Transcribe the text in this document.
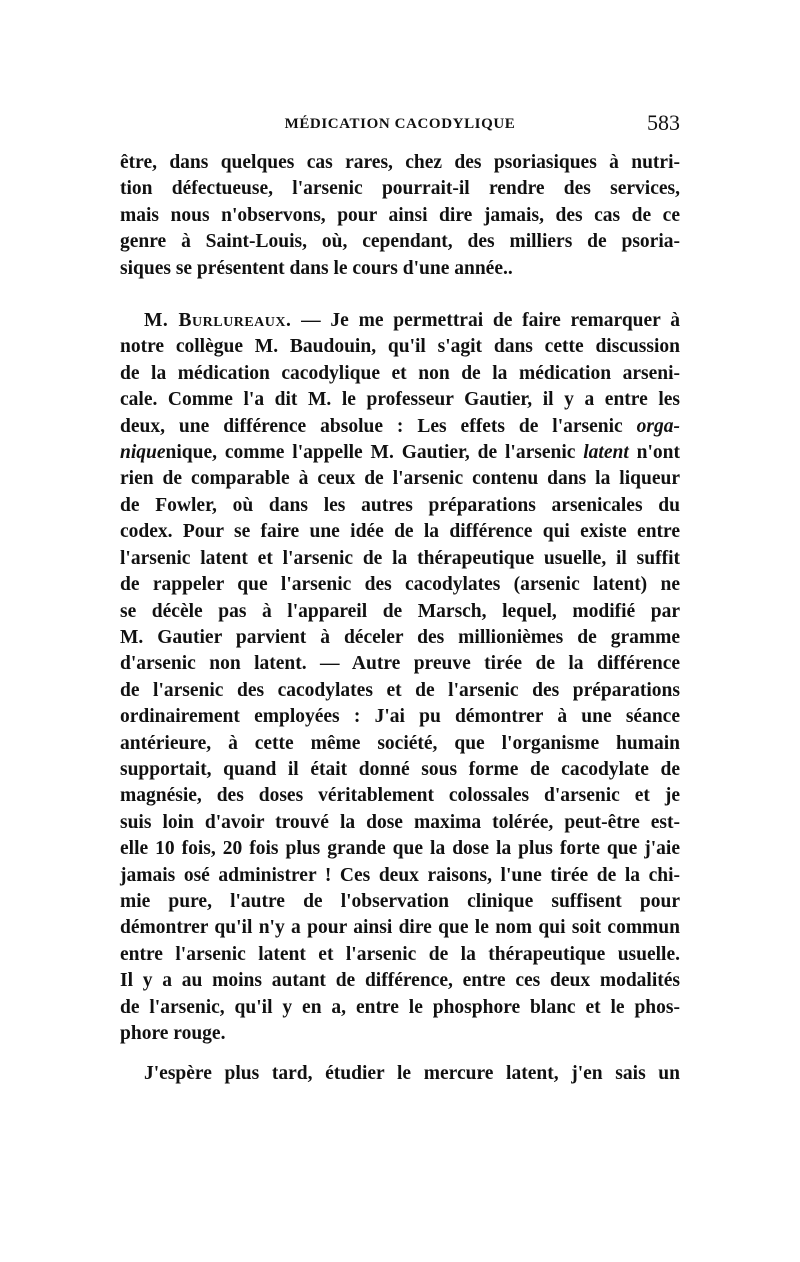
MÉDICATION CACODYLIQUE	583

être, dans quelques cas rares, chez des psoriasiques à nutri-
tion défectueuse, l'arsenic pourrait-il rendre des services,
mais nous n'observons, pour ainsi dire jamais, des cas de ce
genre à Saint-Louis, où, cependant, des milliers de psoria-
siques se présentent dans le cours d'une année..

M. Burlureaux. — Je me permettrai de faire remarquer à
notre collègue M. Baudouin, qu'il s'agit dans cette discussion
de la médication cacodylique et non de la médication arseni-
cale. Comme l'a dit M. le professeur Gautier, il y a entre les
deux, une différence absolue : Les effets de l'arsenic orga-
niquenique, comme l'appelle M. Gautier, de l'arsenic latent n'ont
rien de comparable à ceux de l'arsenic contenu dans la liqueur
de Fowler, où dans les autres préparations arsenicales du
codex. Pour se faire une idée de la différence qui existe entre
l'arsenic latent et l'arsenic de la thérapeutique usuelle, il suffit
de rappeler que l'arsenic des cacodylates (arsenic latent) ne
se décèle pas à l'appareil de Marsch, lequel, modifié par
M. Gautier parvient à déceler des millionièmes de gramme
d'arsenic non latent. — Autre preuve tirée de la différence
de l'arsenic des cacodylates et de l'arsenic des préparations
ordinairement employées : J'ai pu démontrer à une séance
antérieure, à cette même société, que l'organisme humain
supportait, quand il était donné sous forme de cacodylate de
magnésie, des doses véritablement colossales d'arsenic et je
suis loin d'avoir trouvé la dose maxima tolérée, peut-être est-
elle 10 fois, 20 fois plus grande que la dose la plus forte que j'aie
jamais osé administrer ! Ces deux raisons, l'une tirée de la chi-
mie pure, l'autre de l'observation clinique suffisent pour
démontrer qu'il n'y a pour ainsi dire que le nom qui soit commun
entre l'arsenic latent et l'arsenic de la thérapeutique usuelle.
Il y a au moins autant de différence, entre ces deux modalités
de l'arsenic, qu'il y en a, entre le phosphore blanc et le phos-
phore rouge.

J'espère plus tard, étudier le mercure latent, j'en sais un
